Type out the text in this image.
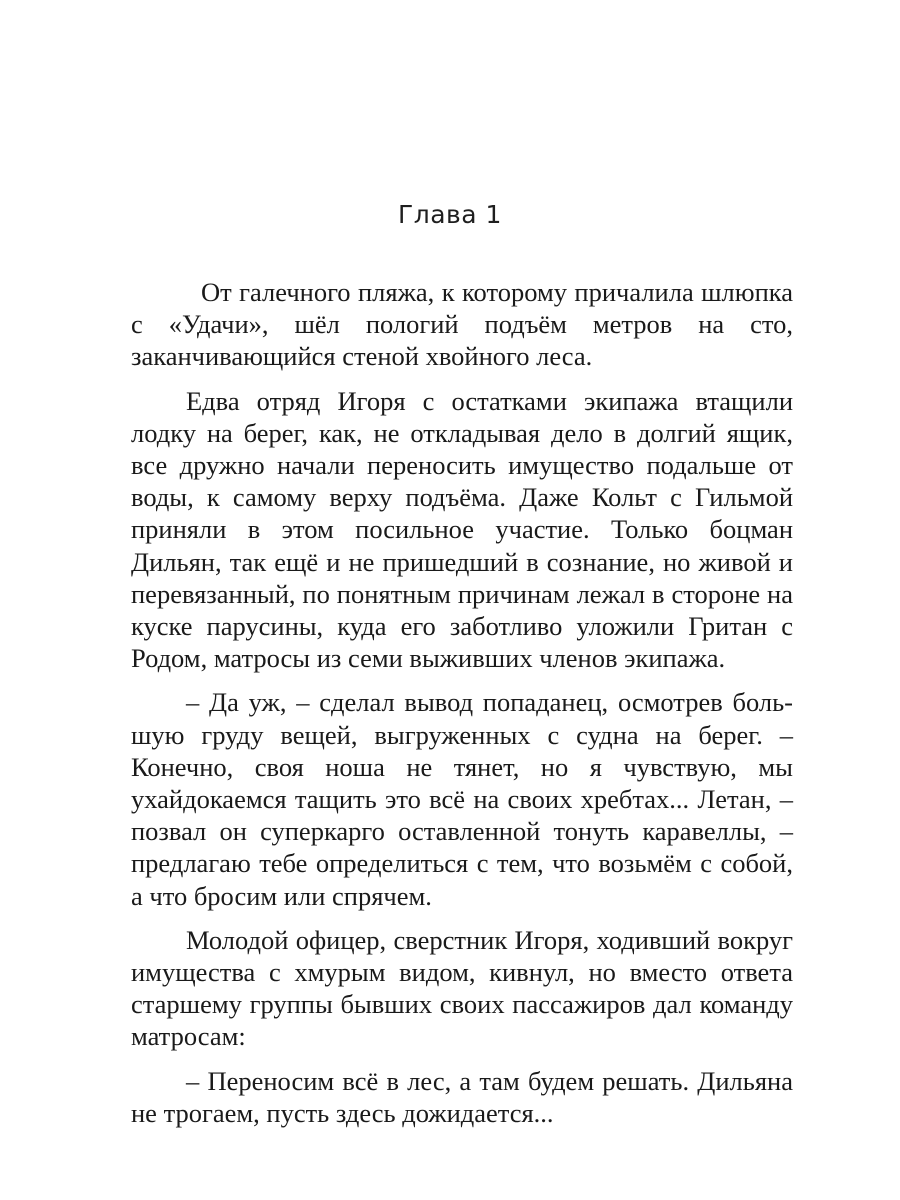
Глава 1

От галечного пляжа, к которому причалила шлюпка с «Удачи», шёл пологий подъём метров на сто, заканчивающийся стеной хвойного леса.

Едва отряд Игоря с остатками экипажа втащили лодку на берег, как, не откладывая дело в долгий ящик, все дружно начали переносить имущество подальше от воды, к самому верху подъёма. Даже Кольт с Гильмой приняли в этом посильное участие. Только боцман Дильян, так ещё и не пришедший в сознание, но живой и перевязанный, по понятным причинам лежал в стороне на куске парусины, куда его заботливо уложили Гритан с Родом, матросы из семи выживших членов экипажа.

– Да уж, – сделал вывод попаданец, осмотрев большую груду вещей, выгруженных с судна на берег. – Конечно, своя ноша не тянет, но я чувствую, мы ухайдокаемся тащить это всё на своих хребтах... Летан, – позвал он суперкарго оставленной тонуть каравеллы, – предлагаю тебе определиться с тем, что возьмём с собой, а что бросим или спрячем.

Молодой офицер, сверстник Игоря, ходивший вокруг имущества с хмурым видом, кивнул, но вместо ответа старшему группы бывших своих пассажиров дал команду матросам:

– Переносим всё в лес, а там будем решать. Дильяна не трогаем, пусть здесь дожидается...
